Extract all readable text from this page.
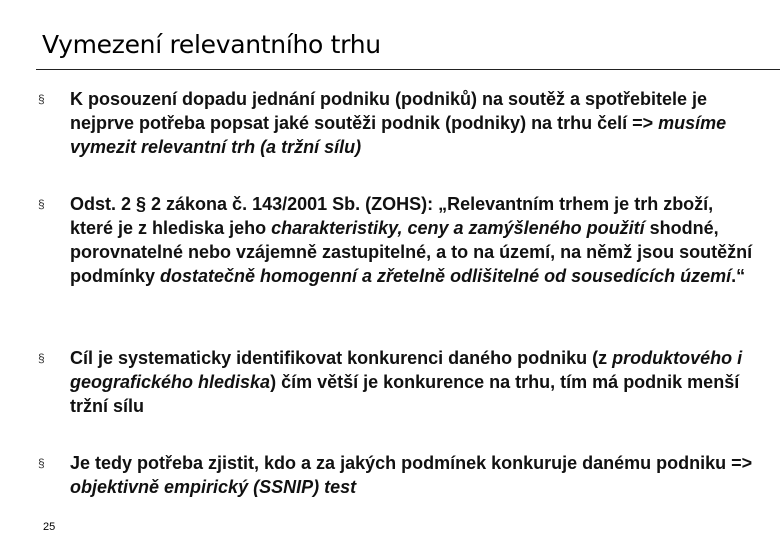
Vymezení relevantního trhu
§ K posouzení dopadu jednání podniku (podniků) na soutěž a spotřebitele je nejprve potřeba popsat jaké soutěži podnik (podniky) na trhu čelí => musíme vymezit relevantní trh (a tržní sílu)
§ Odst. 2 § 2 zákona č. 143/2001 Sb. (ZOHS): „Relevantním trhem je trh zboží, které je z hlediska jeho charakteristiky, ceny a zamýšleného použití shodné, porovnatelné nebo vzájemně zastupitelné, a to na území, na němž jsou soutěžní podmínky dostatečně homogenní a zřetelně odlišitelné od sousedících území.“
§ Cíl je systematicky identifikovat konkurenci daného podniku (z produktového i geografického hlediska) čím větší je konkurence na trhu, tím má podnik menší tržní sílu
§ Je tedy potřeba zjistit, kdo a za jakých podmínek konkuruje danému podniku => objektivně empirický (SSNIP) test
25
